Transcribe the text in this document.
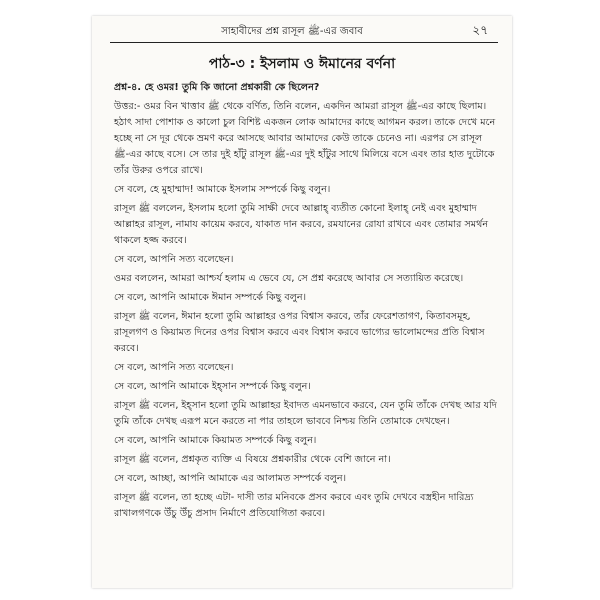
সাহাবীদের প্রশ্ন রাসূল ﷺ-এর জবাব	২৭
পাঠ-৩ : ইসলাম ও ঈমানের বর্ণনা

প্রশ্ন-৪. হে ওমর! তুমি কি জানো প্রশ্নকারী কে ছিলেন?

উত্তর:- ওমর বিন খাত্তাব ﷺ থেকে বর্ণিত, তিনি বলেন, একদিন আমরা রাসূল ﷺ-এর কাছে ছিলাম। হঠাৎ সাদা পোশাক ও কালো চুল বিশিষ্ট একজন লোক আমাদের কাছে আগমন করল। তাকে দেখে মনে হচ্ছে না সে দূর থেকে ভ্রমণ করে আসছে আবার আমাদের কেউ তাকে চেনেও না। এরপর সে রাসূল ﷺ-এর কাছে বসে। সে তার দুই হাঁটু রাসূল ﷺ-এর দুই হাঁটুর সাথে মিলিয়ে বসে এবং তার হাত দুটোকে তাঁর উরুর ওপরে রাখে।

সে বলে, হে মুহাম্মাদ! আমাকে ইসলাম সম্পর্কে কিছু বলুন।

রাসূল ﷺ বললেন, ইসলাম হলো তুমি সাক্ষী দেবে আল্লাহ্ ব্যতীত কোনো ইলাহ্ নেই এবং মুহাম্মাদ আল্লাহর রাসূল, নামায কায়েম করবে, যাকাত দান করবে, রমযানের রোযা রাখবে এবং তোমার সমর্থন থাকলে হজ্জ করবে।

সে বলে, আপনি সত্য বলেছেন।

ওমর বললেন, আমরা আশ্চর্য হলাম এ ভেবে যে, সে প্রশ্ন করেছে আবার সে সত্যায়িত করেছে।

সে বলে, আপনি আমাকে ঈমান সম্পর্কে কিছু বলুন।

রাসূল ﷺ বলেন, ঈমান হলো তুমি আল্লাহর ওপর বিশ্বাস করবে, তাঁর ফেরেশতাগণ, কিতাবসমূহ, রাসূলগণ ও কিয়ামত দিনের ওপর বিশ্বাস করবে এবং বিশ্বাস করবে ভাগ্যের ভালোমন্দের প্রতি বিশ্বাস করবে।

সে বলে, আপনি সত্য বলেছেন।

সে বলে, আপনি আমাকে ইহ্সান সম্পর্কে কিছু বলুন।

রাসূল ﷺ বলেন, ইহ্সান হলো তুমি আল্লাহর ইবাদত এমনভাবে করবে, যেন তুমি তাঁকে দেখছ আর যদি তুমি তাঁকে দেখছ এরূপ মনে করতে না পার তাহলে ভাববে নিশ্চয় তিনি তোমাকে দেখছেন।

সে বলে, আপনি আমাকে কিয়ামত সম্পর্কে কিছু বলুন।

রাসূল ﷺ বলেন, প্রশ্নকৃত ব্যক্তি এ বিষয়ে প্রশ্নকারীর থেকে বেশি জানে না।

সে বলে, আচ্ছা, আপনি আমাকে এর আলামত সম্পর্কে বলুন।

রাসূল ﷺ বলেন, তা হচ্ছে এটা- দাসী তার মনিবকে প্রসব করবে এবং তুমি দেখবে বস্ত্রহীন দারিদ্র্য রাখালগণকে উঁচু উঁচু প্রসাদ নির্মাণে প্রতিযোগিতা করবে।
